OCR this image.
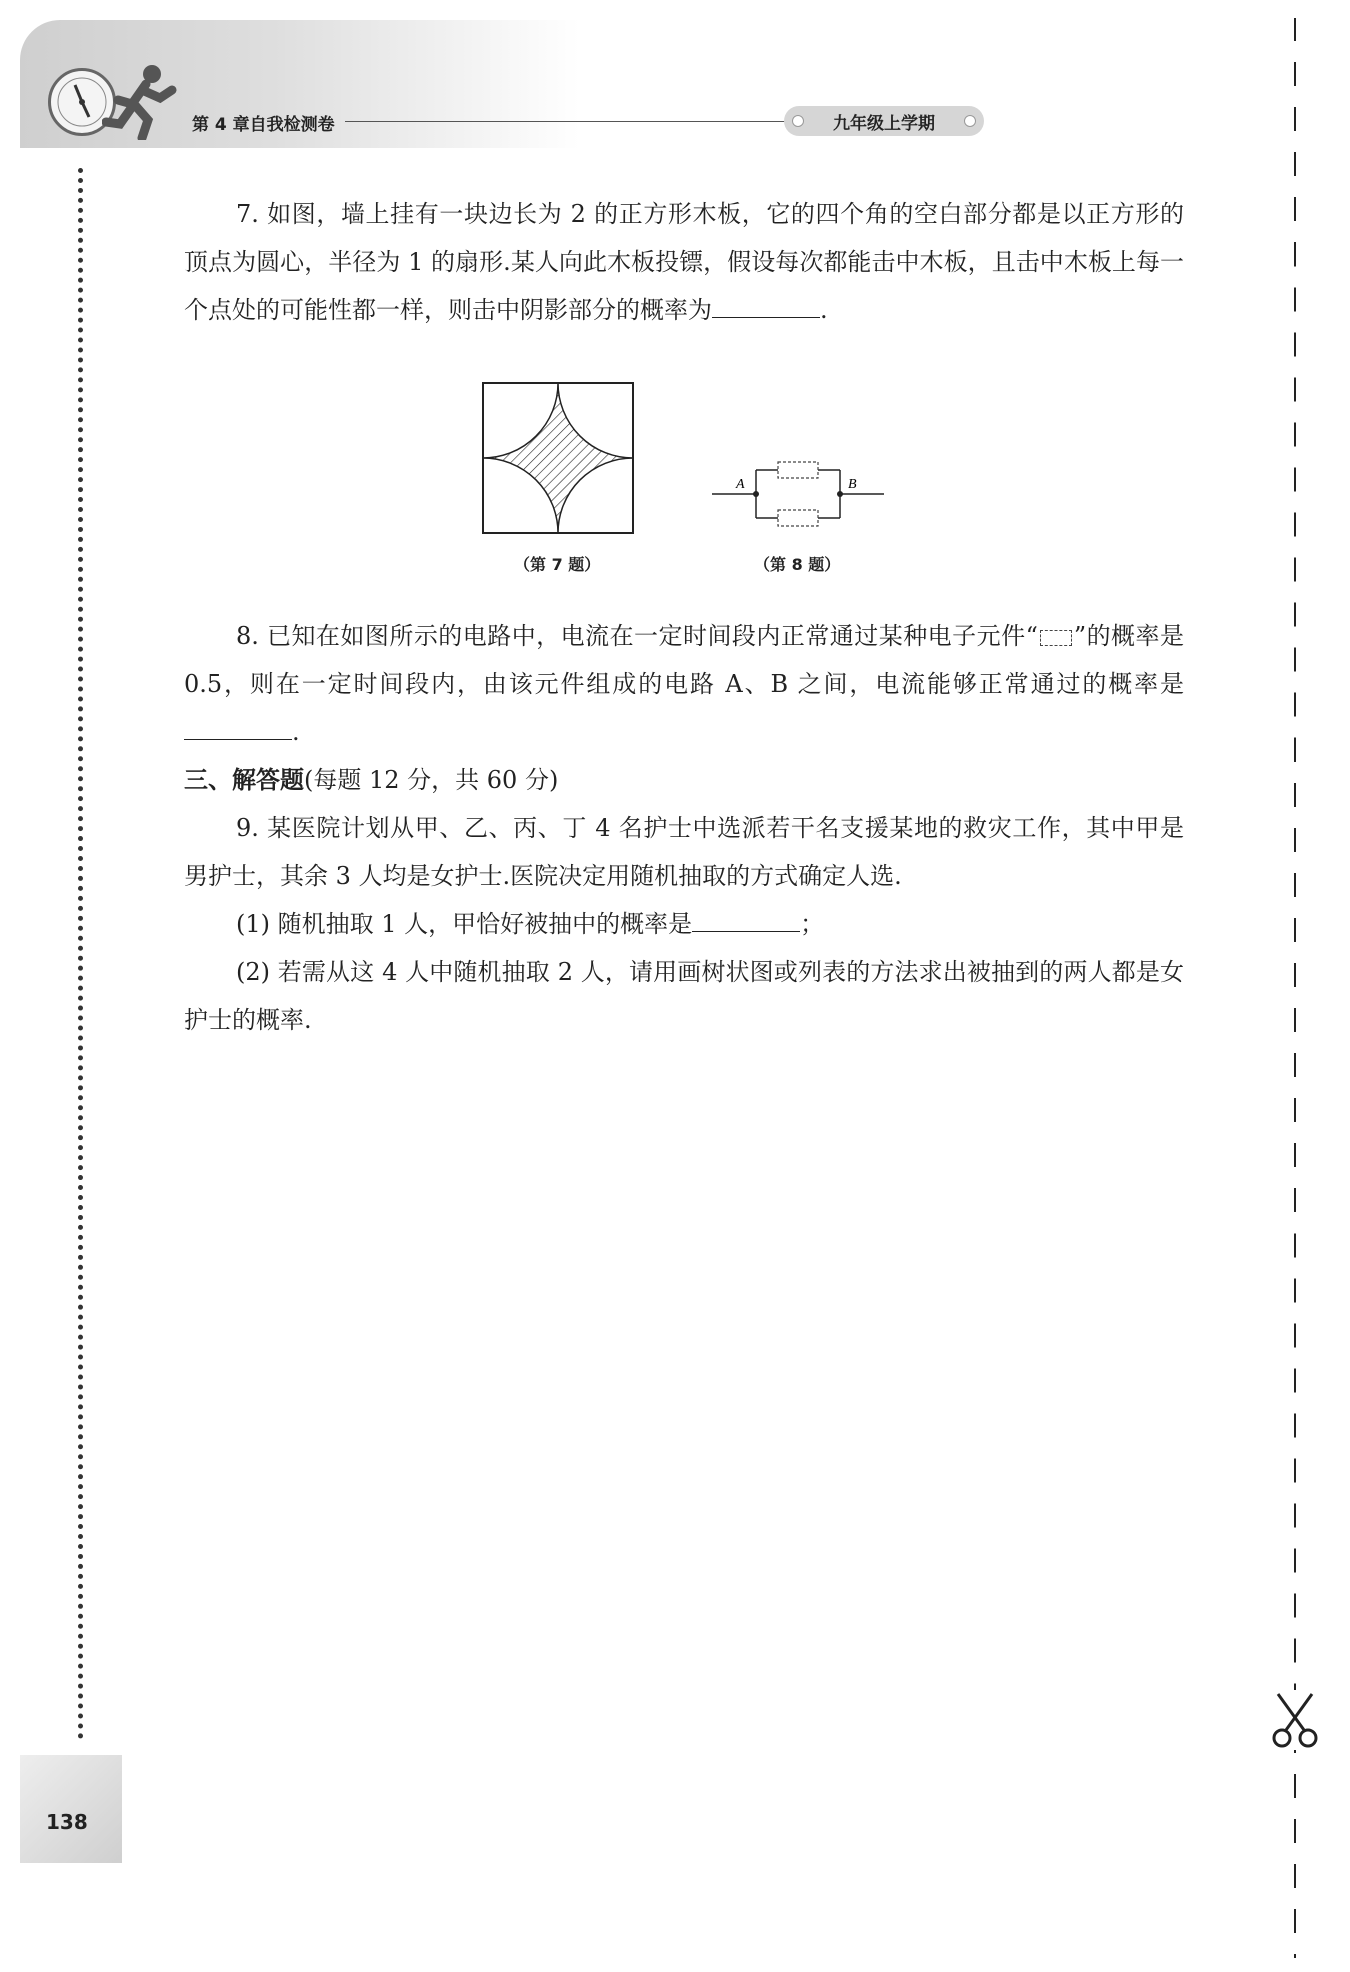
第 4 章自我检测卷	九年级上学期

7. 如图，墙上挂有一块边长为 2 的正方形木板，它的四个角的空白部分都是以正方形的顶点为圆心，半径为 1 的扇形.某人向此木板投镖，假设每次都能击中木板，且击中木板上每一个点处的可能性都一样，则击中阴影部分的概率为	.

（第 7 题）
A	B
（第 8 题）

8. 已知在如图所示的电路中，电流在一定时间段内正常通过某种电子元件“ ”的概率是 0.5，则在一定时间段内，由该元件组成的电路 A、B 之间，电流能够正常通过的概率是.

三、解答题(每题 12 分，共 60 分)

9. 某医院计划从甲、乙、丙、丁 4 名护士中选派若干名支援某地的救灾工作，其中甲是男护士，其余 3 人均是女护士.医院决定用随机抽取的方式确定人选.

(1) 随机抽取 1 人，甲恰好被抽中的概率是	；

(2) 若需从这 4 人中随机抽取 2 人，请用画树状图或列表的方法求出被抽到的两人都是女护士的概率.

138
